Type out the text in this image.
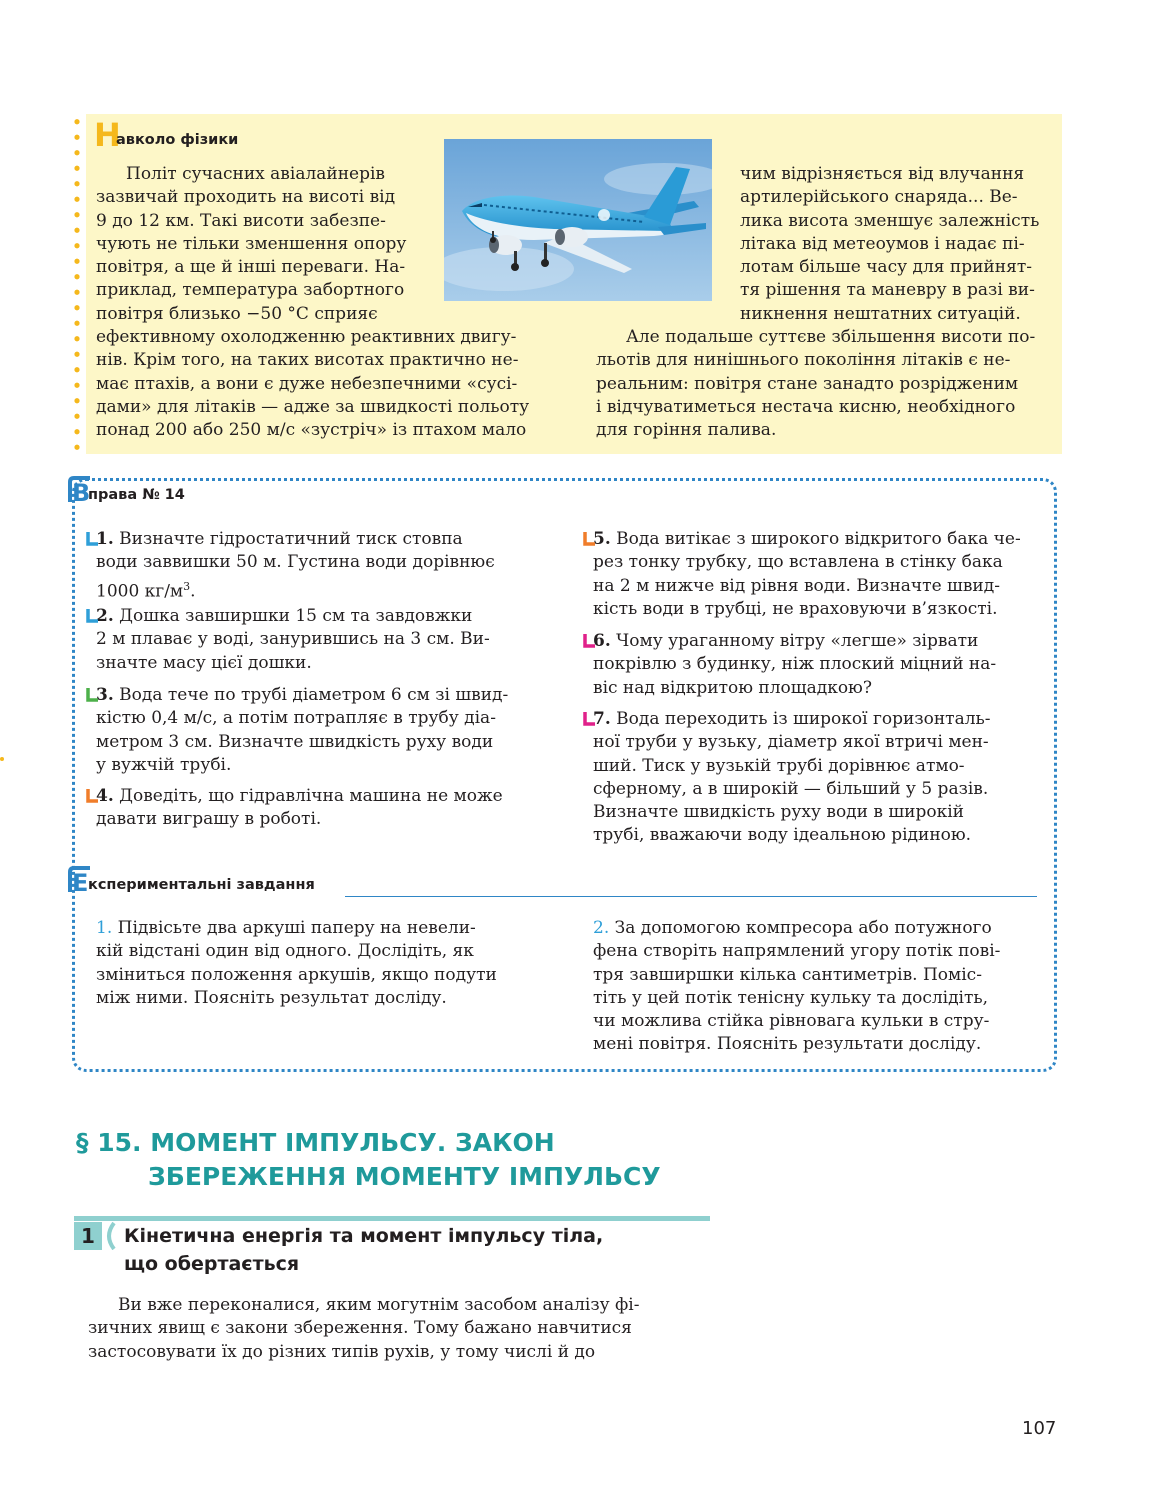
Н
авколо фізики

Політ сучасних авіалайнерів

зазвичай проходить на висоті від

9 до 12 км. Такі висоти забезпе-

чують не тільки зменшення опору

повітря, а ще й інші переваги. На-

приклад, температура забортного

повітря близько −50 °С сприяє

ефективному охолодженню реактивних двигу-

нів. Крім того, на таких висотах практично не-

має птахів, а вони є дуже небезпечними «сусі-

дами» для літаків — адже за швидкості польоту

понад 200 або 250 м/с «зустріч» із птахом мало

чим відрізняється від влучання

артилерійського снаряда... Ве-

лика висота зменшує залежність

літака від метеоумов і надає пі-

лотам більше часу для прийнят-

тя рішення та маневру в разі ви-

никнення нештатних ситуацій.

Але подальше суттєве збільшення висоти по-

льотів для нинішнього покоління літаків є не-

реальним: повітря стане занадто розрідженим

і відчуватиметься нестача кисню, необхідного

для горіння палива.

В
права № 14
1. Визначте гідростатичний тиск стовпа
води заввишки 50 м. Густина води дорівнює
1000 $кг/м^3$.
2. Дошка завширшки 15 см та завдовжки
2 м плаває у воді, занурившись на 3 см. Ви-
значте масу цієї дошки.
3. Вода тече по трубі діаметром 6 см зі швид-
кістю 0,4 м/с, а потім потрапляє в трубу діа-
метром 3 см. Визначте швидкість руху води
у вужчій трубі.
4. Доведіть, що гідравлічна машина не може
давати виграшу в роботі.
5. Вода витікає з широкого відкритого бака че-
рез тонку трубку, що вставлена в стінку бака
на 2 м нижче від рівня води. Визначте швид-
кість води в трубці, не враховуючи в’язкості.
6. Чому ураганному вітру «легше» зірвати
покрівлю з будинку, ніж плоский міцний на-
віс над відкритою площадкою?
7. Вода переходить із широкої горизонталь-
ної труби у вузьку, діаметр якої втричі мен-
ший. Тиск у вузькій трубі дорівнює атмо-
сферному, а в широкій — більший у 5 разів.
Визначте швидкість руху води в широкій
трубі, вважаючи воду ідеальною рідиною.
Е кспериментальні завдання
1. Підвісьте два аркуші паперу на невели-
кій відстані один від одного. Дослідіть, як
зміниться положення аркушів, якщо подути
між ними. Поясніть результат досліду.
2. За допомогою компресора або потужного
фена створіть напрямлений угору потік пові-
тря завширшки кілька сантиметрів. Поміс-
тіть у цей потік тенісну кульку та дослідіть,
чи можлива стійка рівновага кульки в стру-
мені повітря. Поясніть результати досліду.
§ 15. МОМЕНТ ІМПУЛЬСУ. ЗАКОН
ЗБЕРЕЖЕННЯ МОМЕНТУ ІМПУЛЬСУ
1	Кінетична енергія та момент імпульсу тіла,
що обертається

Ви вже переконалися, яким могутнім засобом аналізу фі-

зичних явищ є закони збереження. Тому бажано навчитися

застосовувати їх до різних типів рухів, у тому числі й до

107
